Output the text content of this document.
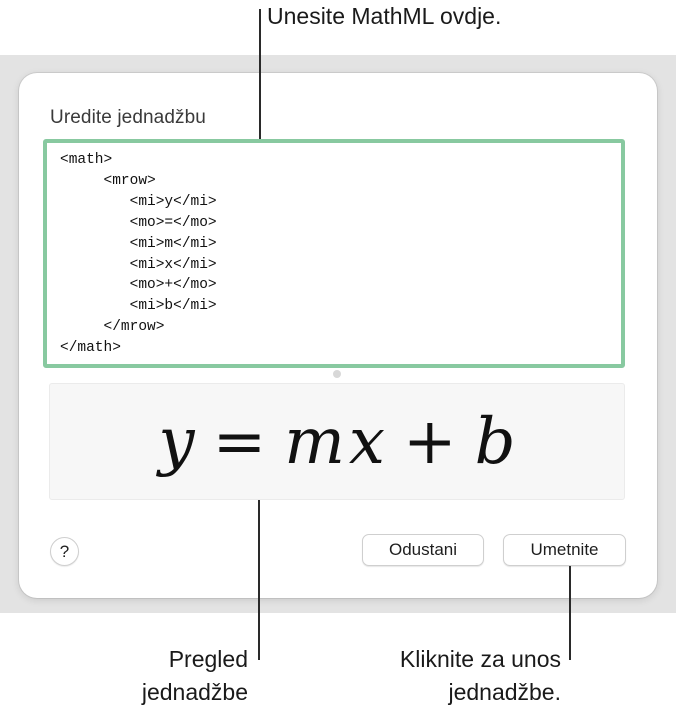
Uredite jednadžbu
<math>
<mrow>
<mi>y</mi>
<mo>=</mo>
<mi>m</mi>
<mi>x</mi>
<mo>+</mo>
<mi>b</mi>
</mrow>
</math>
y = m x + b
?	Odustani	Umetnite
Unesite MathML ovdje.
Pregled
jednadžbe
Kliknite za unos
jednadžbe.
